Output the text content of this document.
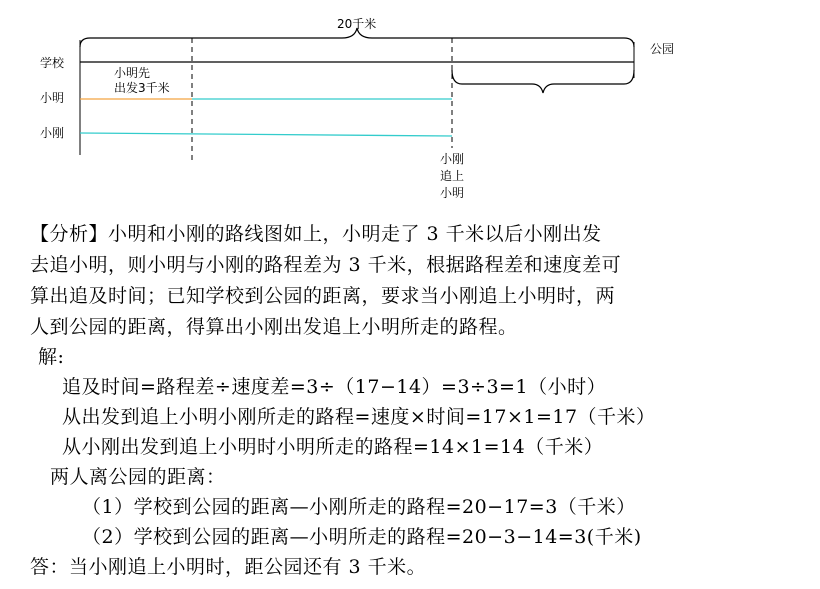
20千米
学校
小明
小刚
公园
小明先
出发3千米
小刚
追上
小明
【分析】小明和小刚的路线图如上，小明走了 3 千米以后小刚出发
去追小明，则小明与小刚的路程差为 3 千米，根据路程差和速度差可
算出追及时间；已知学校到公园的距离，要求当小刚追上小明时，两
人到公园的距离，得算出小刚出发追上小明所走的路程。
解:
追及时间=路程差÷速度差=3÷（17−14）=3÷3=1（小时）
从出发到追上小明小刚所走的路程=速度×时间=17×1=17（千米）
从小刚出发到追上小明时小明所走的路程=14×1=14（千米）
两人离公园的距离：
（1）学校到公园的距离—小刚所走的路程=20−17=3（千米）
（2）学校到公园的距离—小明所走的路程=20−3−14=3(千米)
答：当小刚追上小明时，距公园还有 3 千米。
